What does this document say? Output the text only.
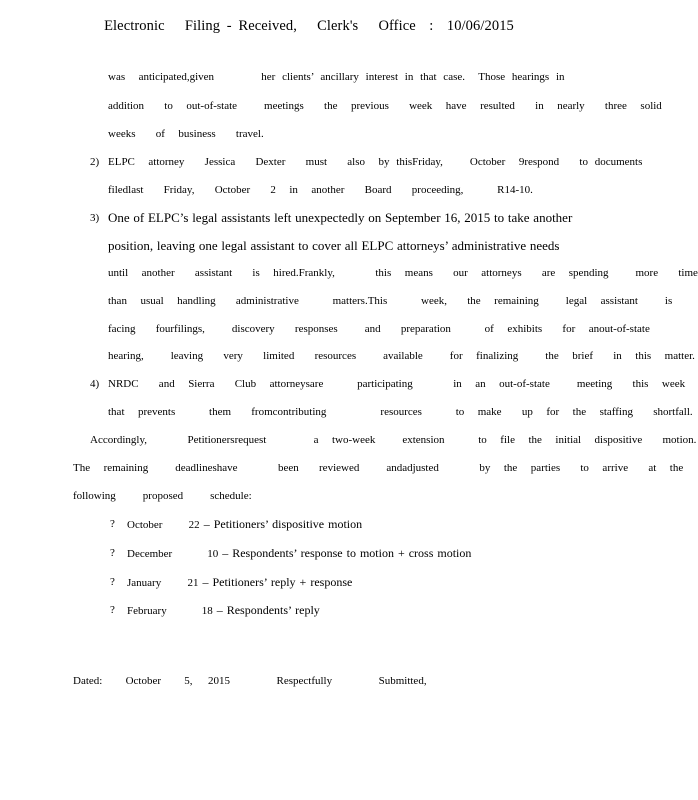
Electronic   Filing - Received,   Clerk's   Office  :  10/06/2015
was  anticipated,given       her clients’ ancillary interest in that case.  Those hearings in
addition   to  out-of-state    meetings   the  previous   week  have  resulted   in  nearly   three  solid
weeks   of  business   travel.
2) ELPC  attorney   Jessica   Dexter   must   also  by thisFriday,    October  9respond   to documents
filedlast   Friday,   October   2  in  another   Board   proceeding,     R14-10.
3) One of ELPC’s legal assistants left unexpectedly on September 16, 2015 to take another
position, leaving one legal assistant to cover all ELPC attorneys’ administrative needs
until  another   assistant   is  hired.Frankly,      this  means   our  attorneys   are  spending    more   time
than  usual  handling   administrative     matters.This     week,   the  remaining    legal  assistant    is
facing   fourfilings,    discovery   responses    and   preparation     of  exhibits   for  anout-of-state
hearing,    leaving   very   limited   resources    available    for  finalizing    the  brief   in  this  matter.
4) NRDC   and  Sierra   Club  attorneysare     participating      in  an  out-of-state    meeting   this  week
that  prevents     them   fromcontributing        resources     to  make   up  for  the  staffing   shortfall.
Accordingly,      Petitionersrequest       a  two-week    extension     to  file  the  initial  dispositive   motion.
The  remaining    deadlineshave      been   reviewed    andadjusted      by  the  parties   to  arrive   at  the
following    proposed    schedule:
? October   22 – Petitioners’ dispositive motion
? December    10 – Respondents’ response to motion + cross motion
? January   21 – Petitioners’ reply + response
? February    18 – Respondents’ reply
Dated:   October   5,  2015      Respectfully      Submitted,
